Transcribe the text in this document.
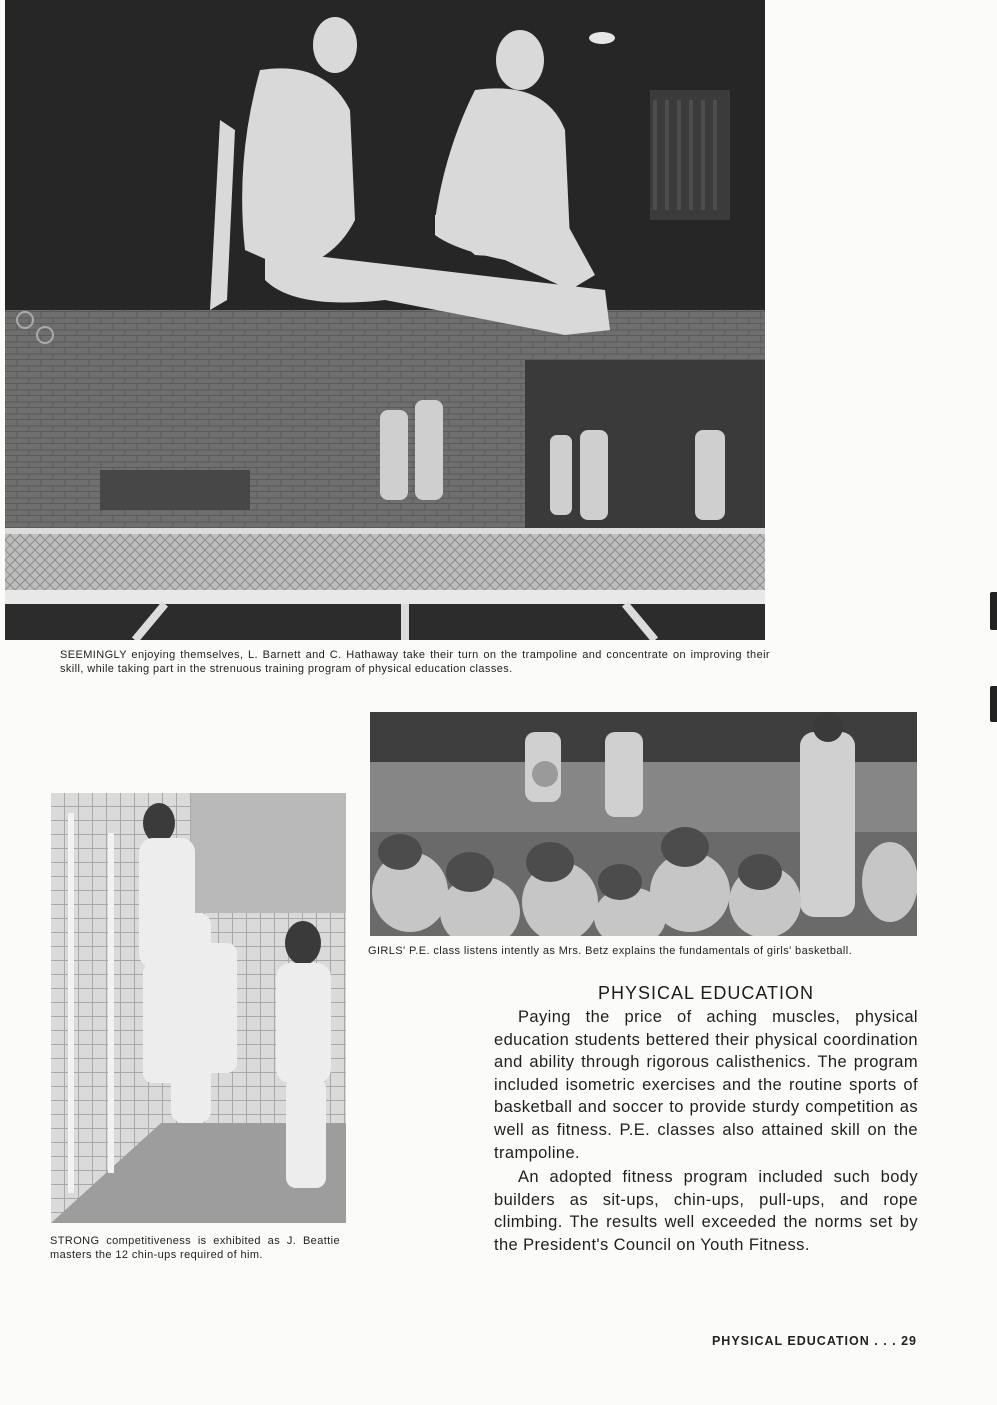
SEEMINGLY enjoying themselves, L. Barnett and C. Hathaway take their turn on the trampoline and concentrate on improving their skill, while taking part in the strenuous training program of physical education classes.
GIRLS' P.E. class listens intently as Mrs. Betz explains the fundamentals of girls' basketball.
STRONG competitiveness is exhibited as J. Beattie masters the 12 chin-ups required of him.
PHYSICAL EDUCATION

Paying the price of aching muscles, physical education students bettered their physical coordination and ability through rigorous calisthenics. The program included isometric exercises and the routine sports of basketball and soccer to provide sturdy competition as well as fitness. P.E. classes also attained skill on the trampoline.

An adopted fitness program included such body builders as sit-ups, chin-ups, pull-ups, and rope climbing. The results well exceeded the norms set by the President's Council on Youth Fitness.

PHYSICAL EDUCATION . . . 29
